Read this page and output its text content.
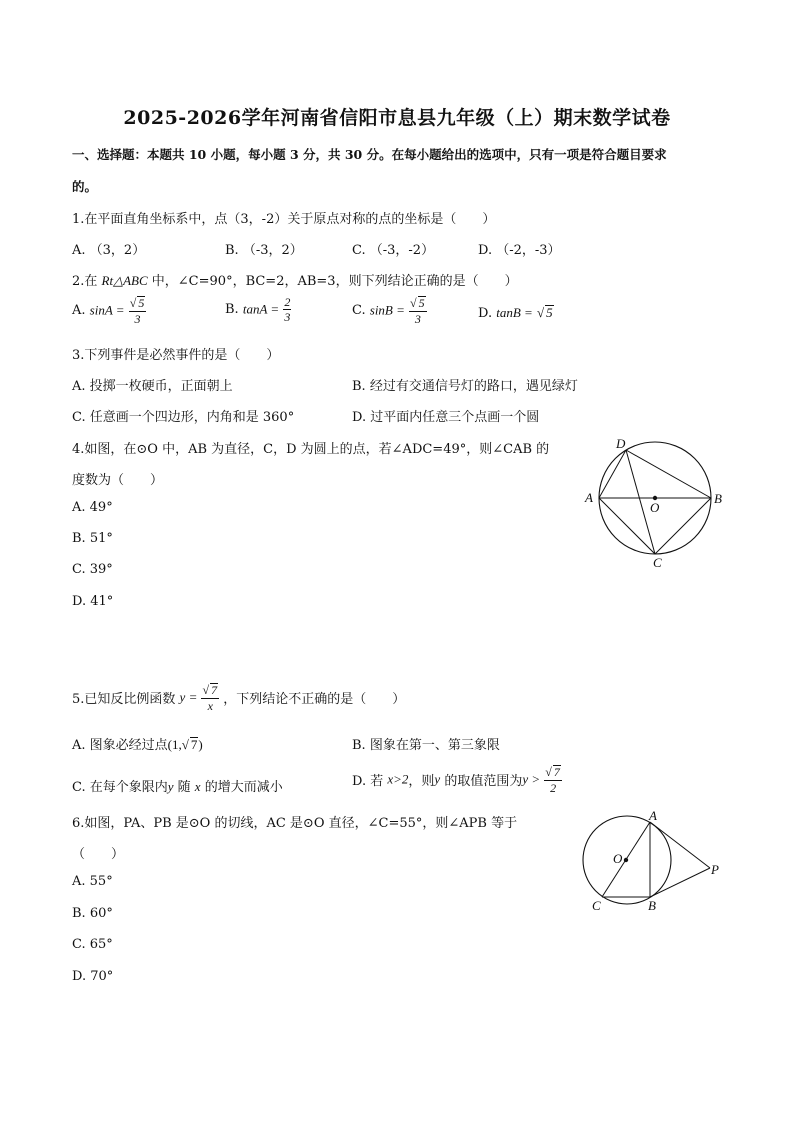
2025-2026学年河南省信阳市息县九年级（上）期末数学试卷
一、选择题：本题共 10 小题，每小题 3 分，共 30 分。在每小题给出的选项中，只有一项是符合题目要求
的。
1.在平面直角坐标系中，点（3，-2）关于原点对称的点的坐标是（　　）
A. （3，2）	B. （-3，2）	C. （-3，-2）	D. （-2，-3）
2.在 Rt△ABC 中，∠C=90°，BC=2，AB=3，则下列结论正确的是（　　）
A. $\sin A = \frac{√ 5}{3}$	B. $\tan A = \frac{2}{3}$	C. $\sin B = \frac{√ 5}{3}$	D. tanB = √ 5
3.下列事件是必然事件的是（　　）
A. 投掷一枚硬币，正面朝上	B. 经过有交通信号灯的路口，遇见绿灯
C. 任意画一个四边形，内角和是 360°	D. 过平面内任意三个点画一个圆
4.如图，在⊙O 中，AB 为直径，C，D 为圆上的点，若∠ADC=49°，则∠CAB 的
度数为（　　）
A. 49°
B. 51°
C. 39°
D. 41°
D
A	B
O
C
5.已知反比例函数 $y = \frac{√ 7}{x}$ ，下列结论不正确的是（　　）
A. 图象必经过点(1,√ 7)	B. 图象在第一、第三象限
C. 在每个象限内y 随 x 的增大而减小	D. 若 x>2，则y 的取值范围为$y > \frac{√ 7}{2}$
6.如图，PA、PB 是⊙O 的切线，AC 是⊙O 直径，∠C=55°，则∠APB 等于
（　　）
A. 55°
B. 60°
C. 65°
D. 70°
A
O
P
C	B
